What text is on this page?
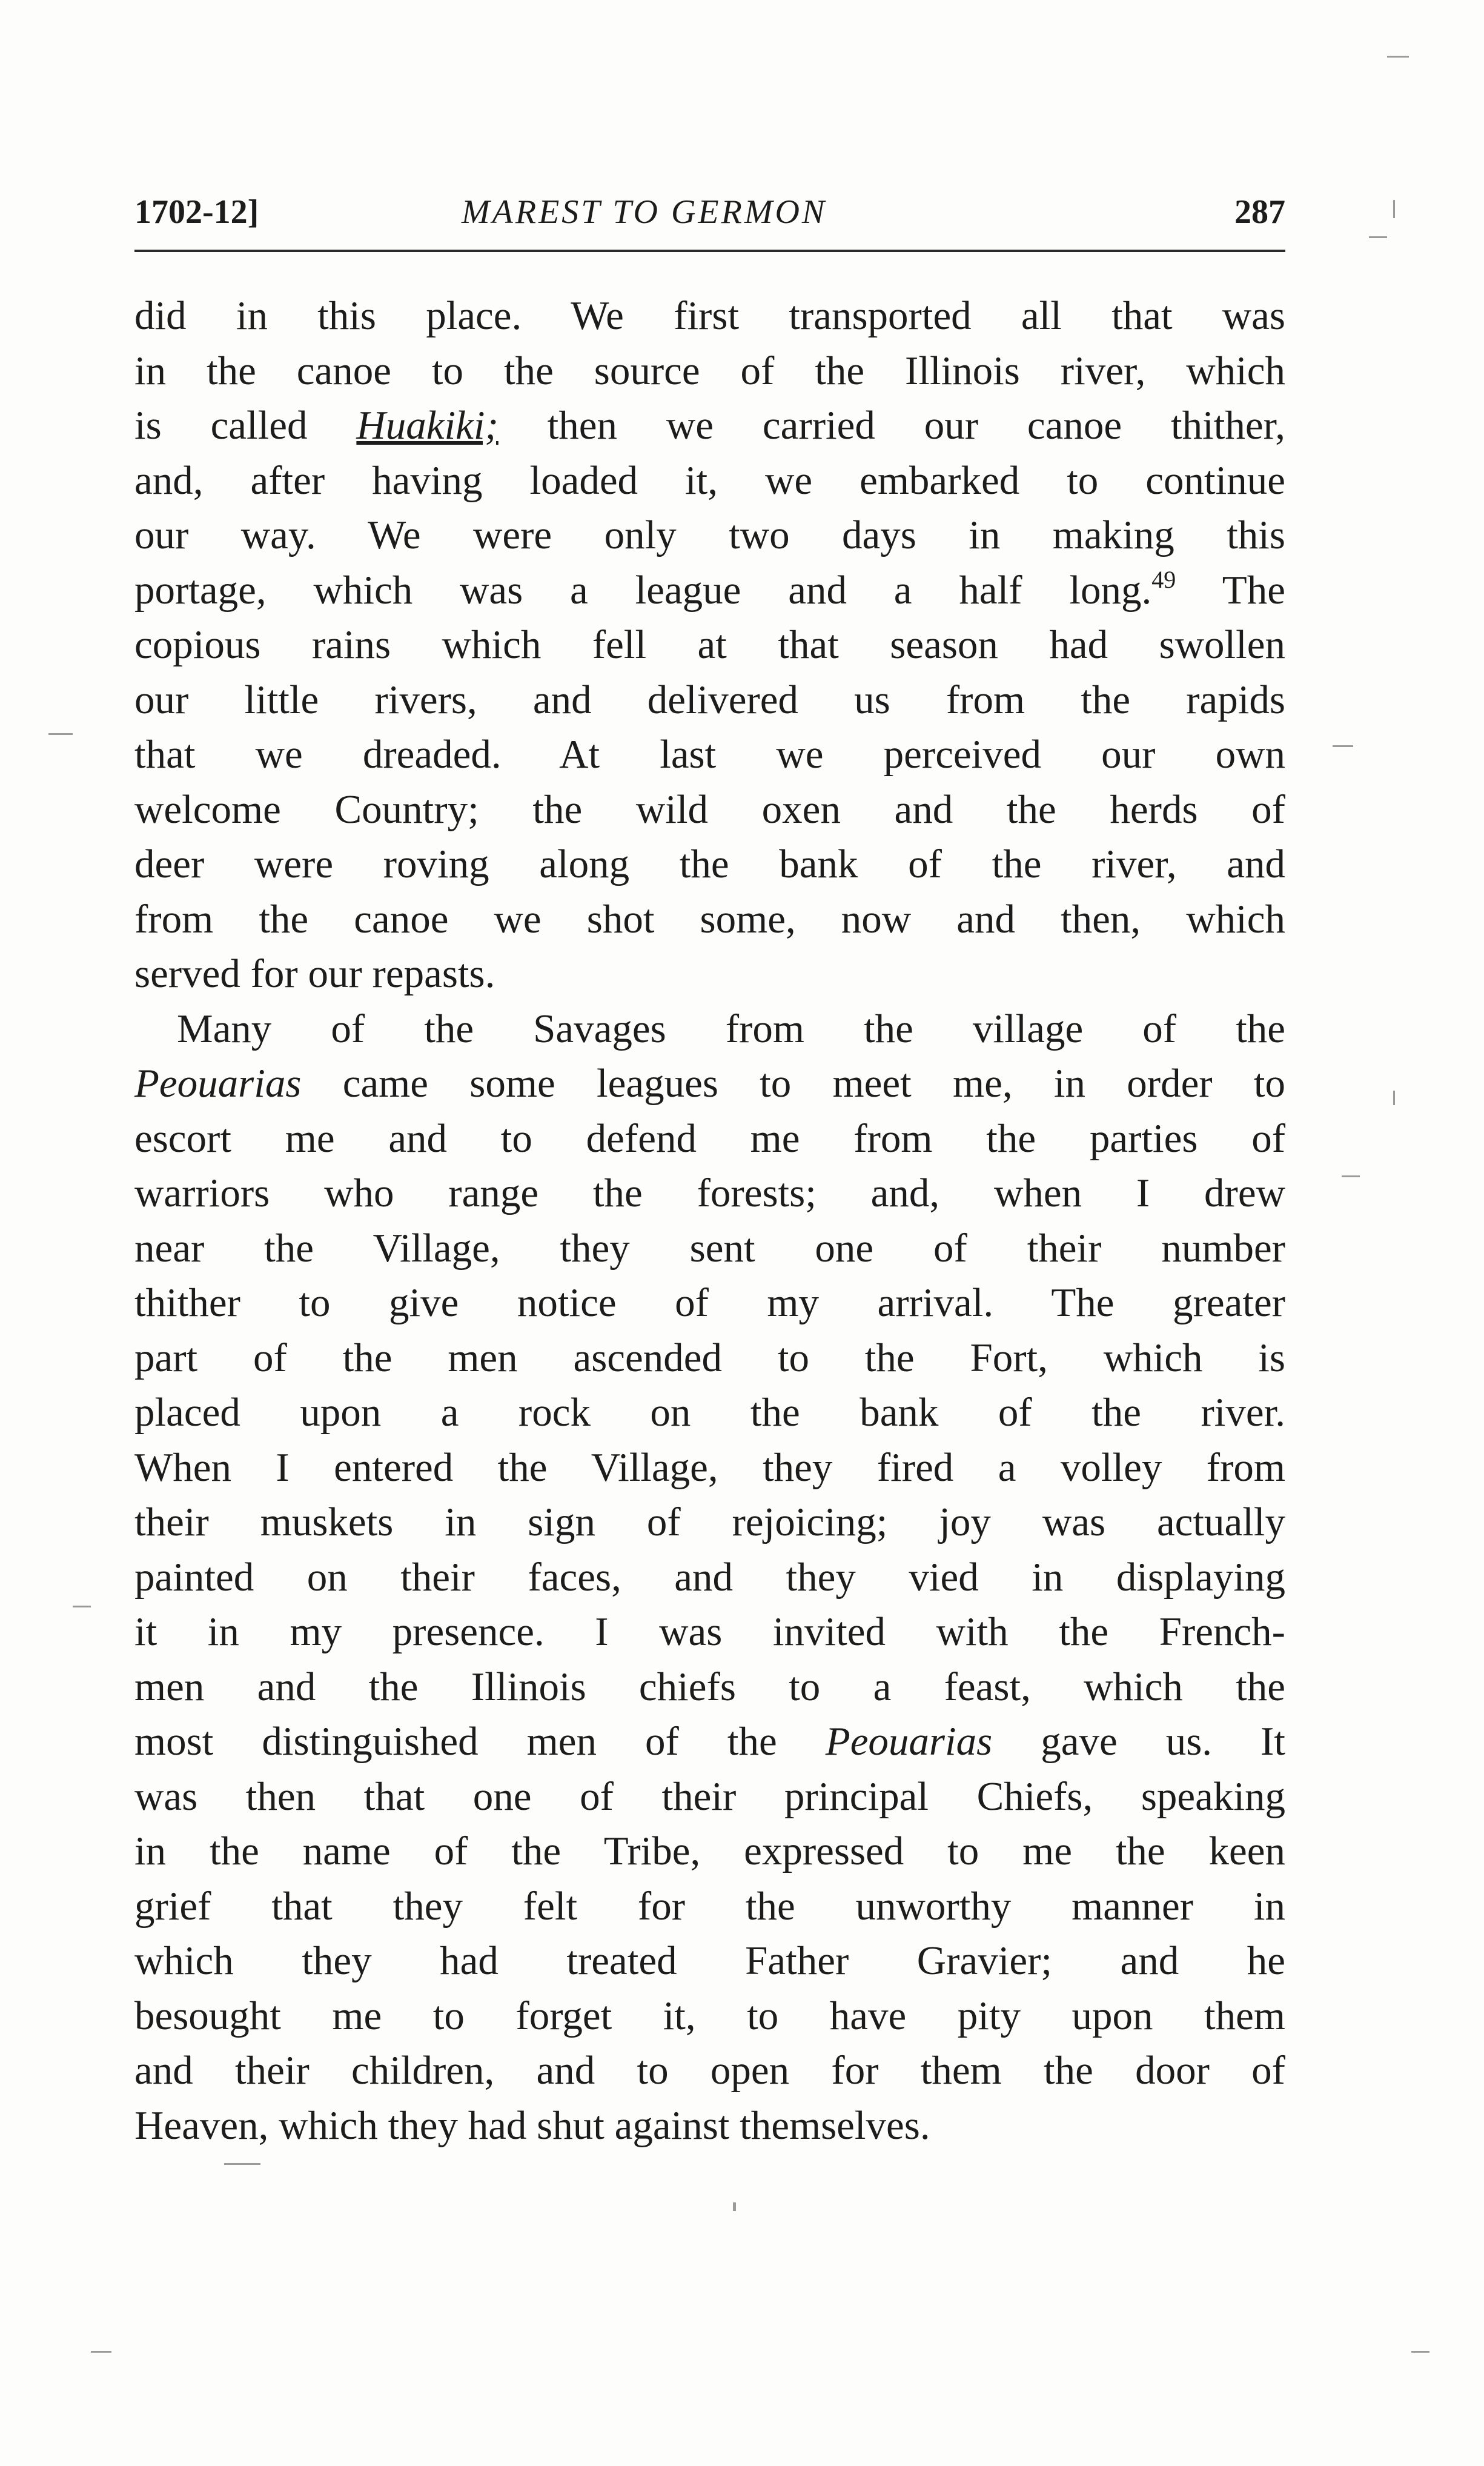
1702-12]	MAREST TO GERMON	287
did in this place. We first transported all that was
in the canoe to the source of the Illinois river, which
is called Huakiki; then we carried our canoe thither,
and, after having loaded it, we embarked to continue
our way. We were only two days in making this
portage, which was a league and a half long.$^{49}$ The
copious rains which fell at that season had swollen
our little rivers, and delivered us from the rapids
that we dreaded. At last we perceived our own
welcome Country; the wild oxen and the herds of
deer were roving along the bank of the river, and
from the canoe we shot some, now and then, which
served for our repasts.
Many of the Savages from the village of the
Peouarias came some leagues to meet me, in order to
escort me and to defend me from the parties of
warriors who range the forests; and, when I drew
near the Village, they sent one of their number
thither to give notice of my arrival. The greater
part of the men ascended to the Fort, which is
placed upon a rock on the bank of the river.
When I entered the Village, they fired a volley from
their muskets in sign of rejoicing; joy was actually
painted on their faces, and they vied in displaying
it in my presence. I was invited with the French-
men and the Illinois chiefs to a feast, which the
most distinguished men of the Peouarias gave us. It
was then that one of their principal Chiefs, speaking
in the name of the Tribe, expressed to me the keen
grief that they felt for the unworthy manner in
which they had treated Father Gravier; and he
besought me to forget it, to have pity upon them
and their children, and to open for them the door of
Heaven, which they had shut against themselves.
